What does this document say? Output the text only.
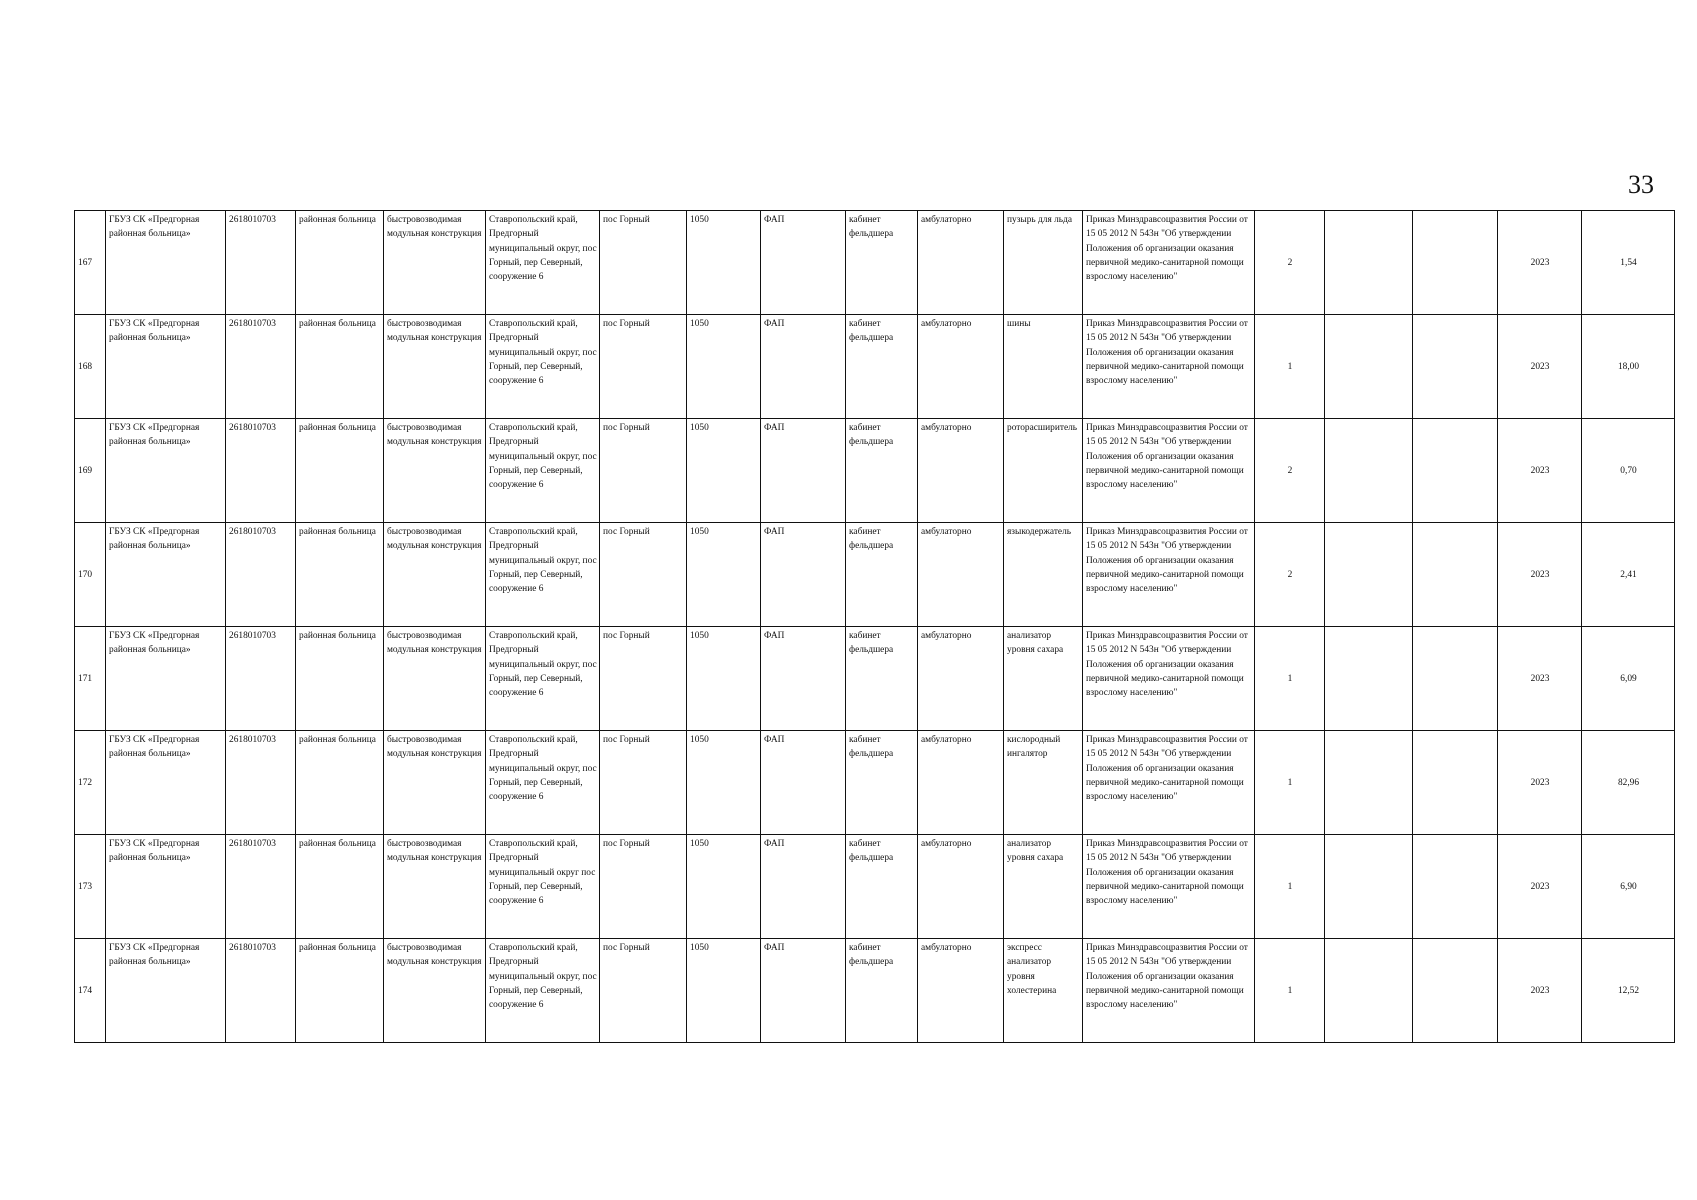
33
167	ГБУЗ СК «Предгорная районная больница»	2618010703	районная больница	быстровозводимая модульная конструкция	Ставропольский край, Предгорный муниципальный округ, пос Горный, пер Северный, сооружение 6	пос Горный	1050	ФАП	кабинет фельдшера	амбулаторно	пузырь для льда	Приказ Минздравсоцразвития России от 15 05 2012 N 543н "Об утверждении Положения об организации оказания первичной медико-санитарной помощи взрослому населению"	2			2023	1,54
168	ГБУЗ СК «Предгорная районная больница»	2618010703	районная больница	быстровозводимая модульная конструкция	Ставропольский край, Предгорный муниципальный округ, пос Горный, пер Северный, сооружение 6	пос Горный	1050	ФАП	кабинет фельдшера	амбулаторно	шины	Приказ Минздравсоцразвития России от 15 05 2012 N 543н "Об утверждении Положения об организации оказания первичной медико-санитарной помощи взрослому населению"	1			2023	18,00
169	ГБУЗ СК «Предгорная районная больница»	2618010703	районная больница	быстровозводимая модульная конструкция	Ставропольский край, Предгорный муниципальный округ, пос Горный, пер Северный, сооружение 6	пос Горный	1050	ФАП	кабинет фельдшера	амбулаторно	роторасширитель	Приказ Минздравсоцразвития России от 15 05 2012 N 543н "Об утверждении Положения об организации оказания первичной медико-санитарной помощи взрослому населению"	2			2023	0,70
170	ГБУЗ СК «Предгорная районная больница»	2618010703	районная больница	быстровозводимая модульная конструкция	Ставропольский край, Предгорный муниципальный округ, пос Горный, пер Северный, сооружение 6	пос Горный	1050	ФАП	кабинет фельдшера	амбулаторно	языкодержатель	Приказ Минздравсоцразвития России от 15 05 2012 N 543н "Об утверждении Положения об организации оказания первичной медико-санитарной помощи взрослому населению"	2			2023	2,41
171	ГБУЗ СК «Предгорная районная больница»	2618010703	районная больница	быстровозводимая модульная конструкция	Ставропольский край, Предгорный муниципальный округ, пос Горный, пер Северный, сооружение 6	пос Горный	1050	ФАП	кабинет фельдшера	амбулаторно	анализатор уровня сахара	Приказ Минздравсоцразвития России от 15 05 2012 N 543н "Об утверждении Положения об организации оказания первичной медико-санитарной помощи взрослому населению"	1			2023	6,09
172	ГБУЗ СК «Предгорная районная больница»	2618010703	районная больница	быстровозводимая модульная конструкция	Ставропольский край, Предгорный муниципальный округ, пос Горный, пер Северный, сооружение 6	пос Горный	1050	ФАП	кабинет фельдшера	амбулаторно	кислородный ингалятор	Приказ Минздравсоцразвития России от 15 05 2012 N 543н "Об утверждении Положения об организации оказания первичной медико-санитарной помощи взрослому населению"	1			2023	82,96
173	ГБУЗ СК «Предгорная районная больница»	2618010703	районная больница	быстровозводимая модульная конструкция	Ставропольский край, Предгорный муниципальный округ пос Горный, пер Северный, сооружение 6	пос Горный	1050	ФАП	кабинет фельдшера	амбулаторно	анализатор уровня сахара	Приказ Минздравсоцразвития России от 15 05 2012 N 543н "Об утверждении Положения об организации оказания первичной медико-санитарной помощи взрослому населению"	1			2023	6,90
174	ГБУЗ СК «Предгорная районная больница»	2618010703	районная больница	быстровозводимая модульная конструкция	Ставропольский край, Предгорный муниципальный округ, пос Горный, пер Северный, сооружение 6	пос Горный	1050	ФАП	кабинет фельдшера	амбулаторно	экспресс анализатор уровня холестерина	Приказ Минздравсоцразвития России от 15 05 2012 N 543н "Об утверждении Положения об организации оказания первичной медико-санитарной помощи взрослому населению"	1			2023	12,52
